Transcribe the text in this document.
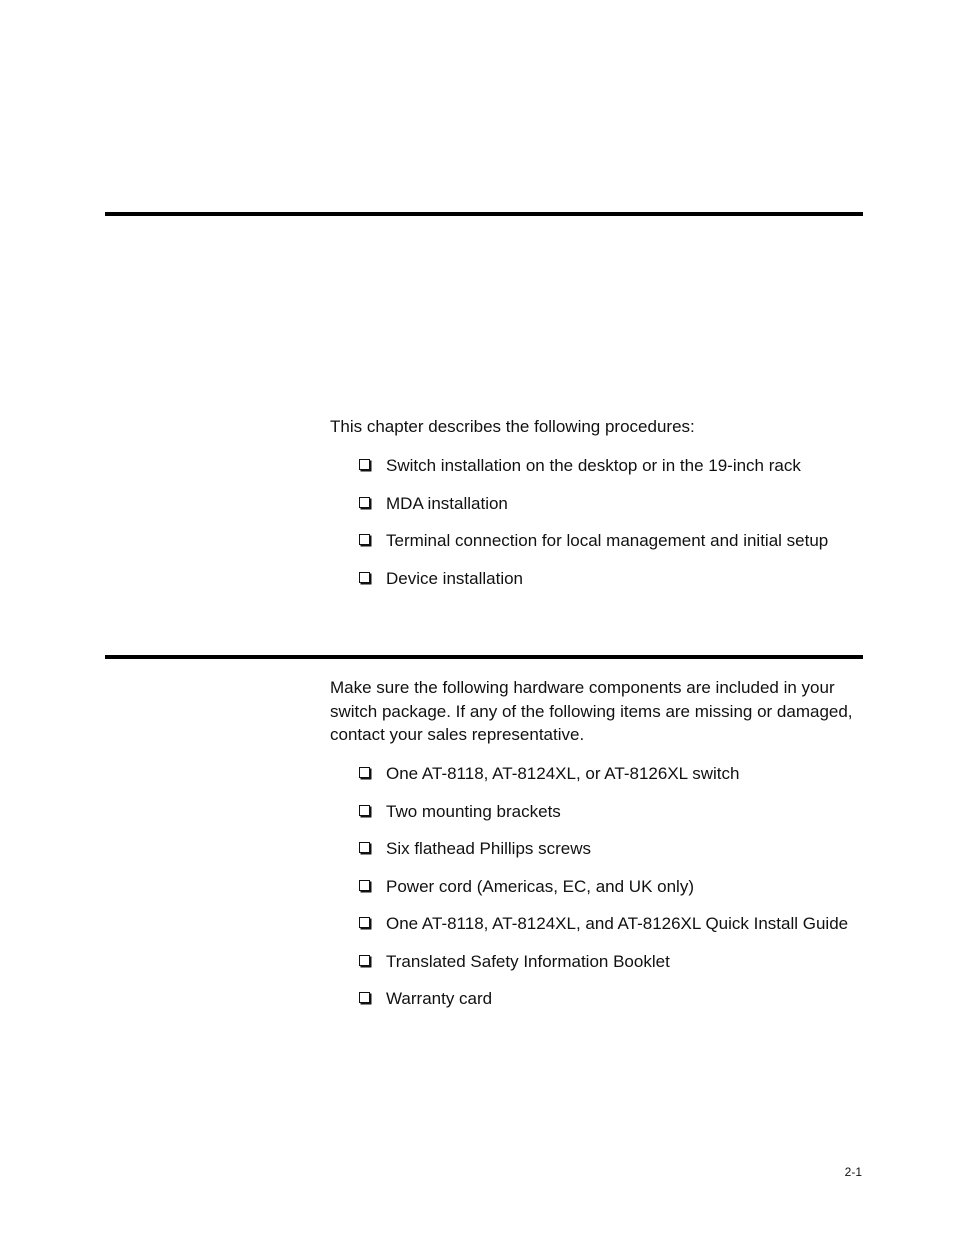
This chapter describes the following procedures:

Switch installation on the desktop or in the 19-inch rack
MDA installation
Terminal connection for local management and initial setup
Device installation

Make sure the following hardware components are included in your switch package. If any of the following items are missing or damaged, contact your sales representative.

One AT-8118, AT-8124XL, or AT-8126XL switch
Two mounting brackets
Six flathead Phillips screws
Power cord (Americas, EC, and UK only)
One AT-8118, AT-8124XL, and AT-8126XL Quick Install Guide
Translated Safety Information Booklet
Warranty card
2-1
